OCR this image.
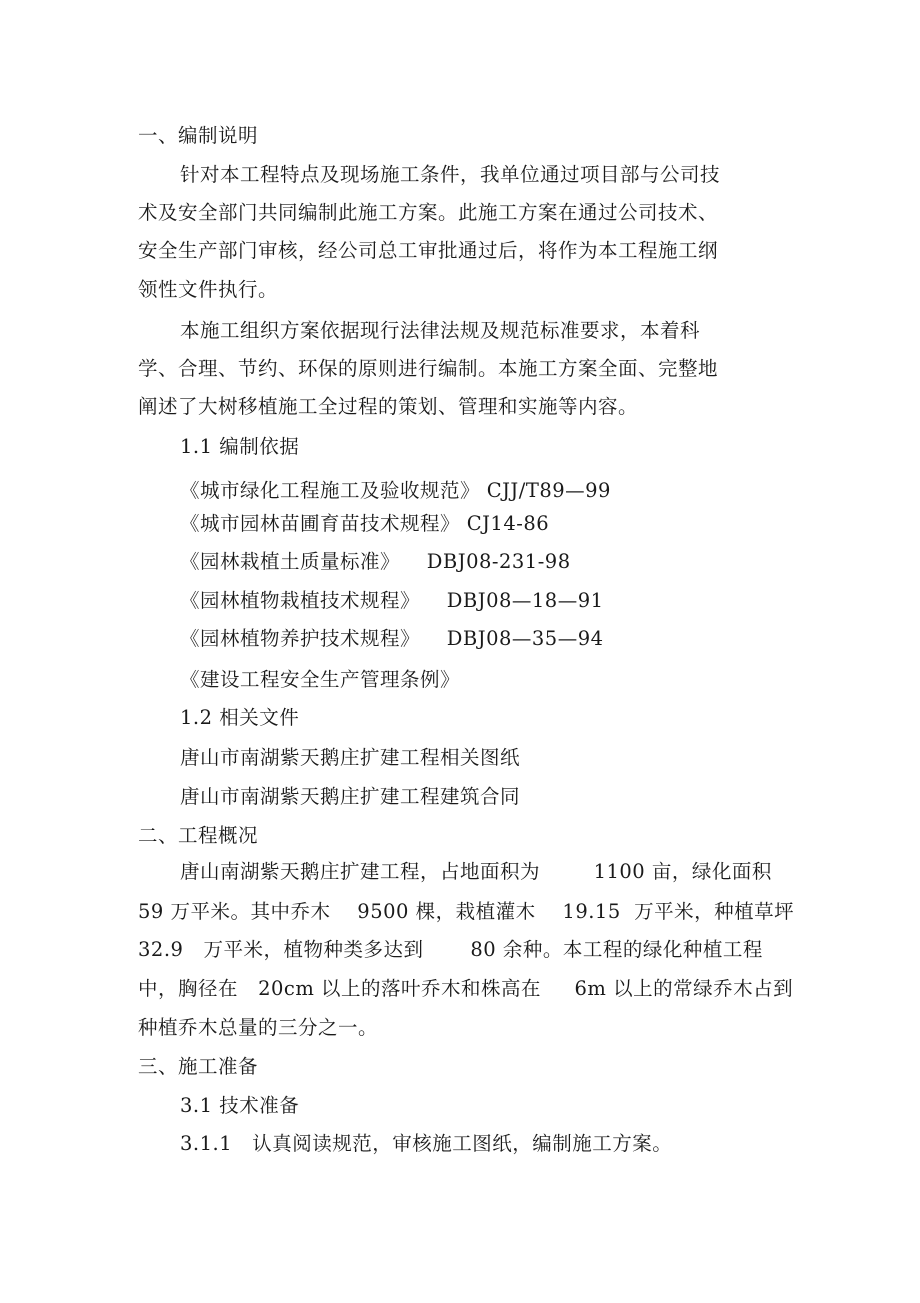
一、编制说明
针对本工程特点及现场施工条件，我单位通过项目部与公司技
术及安全部门共同编制此施工方案。此施工方案在通过公司技术、
安全生产部门审核，经公司总工审批通过后，将作为本工程施工纲
领性文件执行。
本施工组织方案依据现行法律法规及规范标准要求，本着科
学、合理、节约、环保的原则进行编制。本施工方案全面、完整地
阐述了大树移植施工全过程的策划、管理和实施等内容。
1.1 编制依据
《城市绿化工程施工及验收规范》 CJJ/T89—99
《城市园林苗圃育苗技术规程》 CJ14-86
《园林栽植土质量标准》    DBJ08-231-98
《园林植物栽植技术规程》    DBJ08—18—91
《园林植物养护技术规程》    DBJ08—35—94
《建设工程安全生产管理条例》
1.2 相关文件
唐山市南湖紫天鹅庄扩建工程相关图纸
唐山市南湖紫天鹅庄扩建工程建筑合同
二、工程概况
唐山南湖紫天鹅庄扩建工程，占地面积为        1100 亩，绿化面积
59 万平米。其中乔木    9500 棵，栽植灌木    19.15  万平米，种植草坪
32.9   万平米，植物种类多达到       80 余种。本工程的绿化种植工程
中，胸径在   20cm 以上的落叶乔木和株高在     6m 以上的常绿乔木占到
种植乔木总量的三分之一。
三、施工准备
3.1 技术准备
3.1.1   认真阅读规范，审核施工图纸，编制施工方案。
